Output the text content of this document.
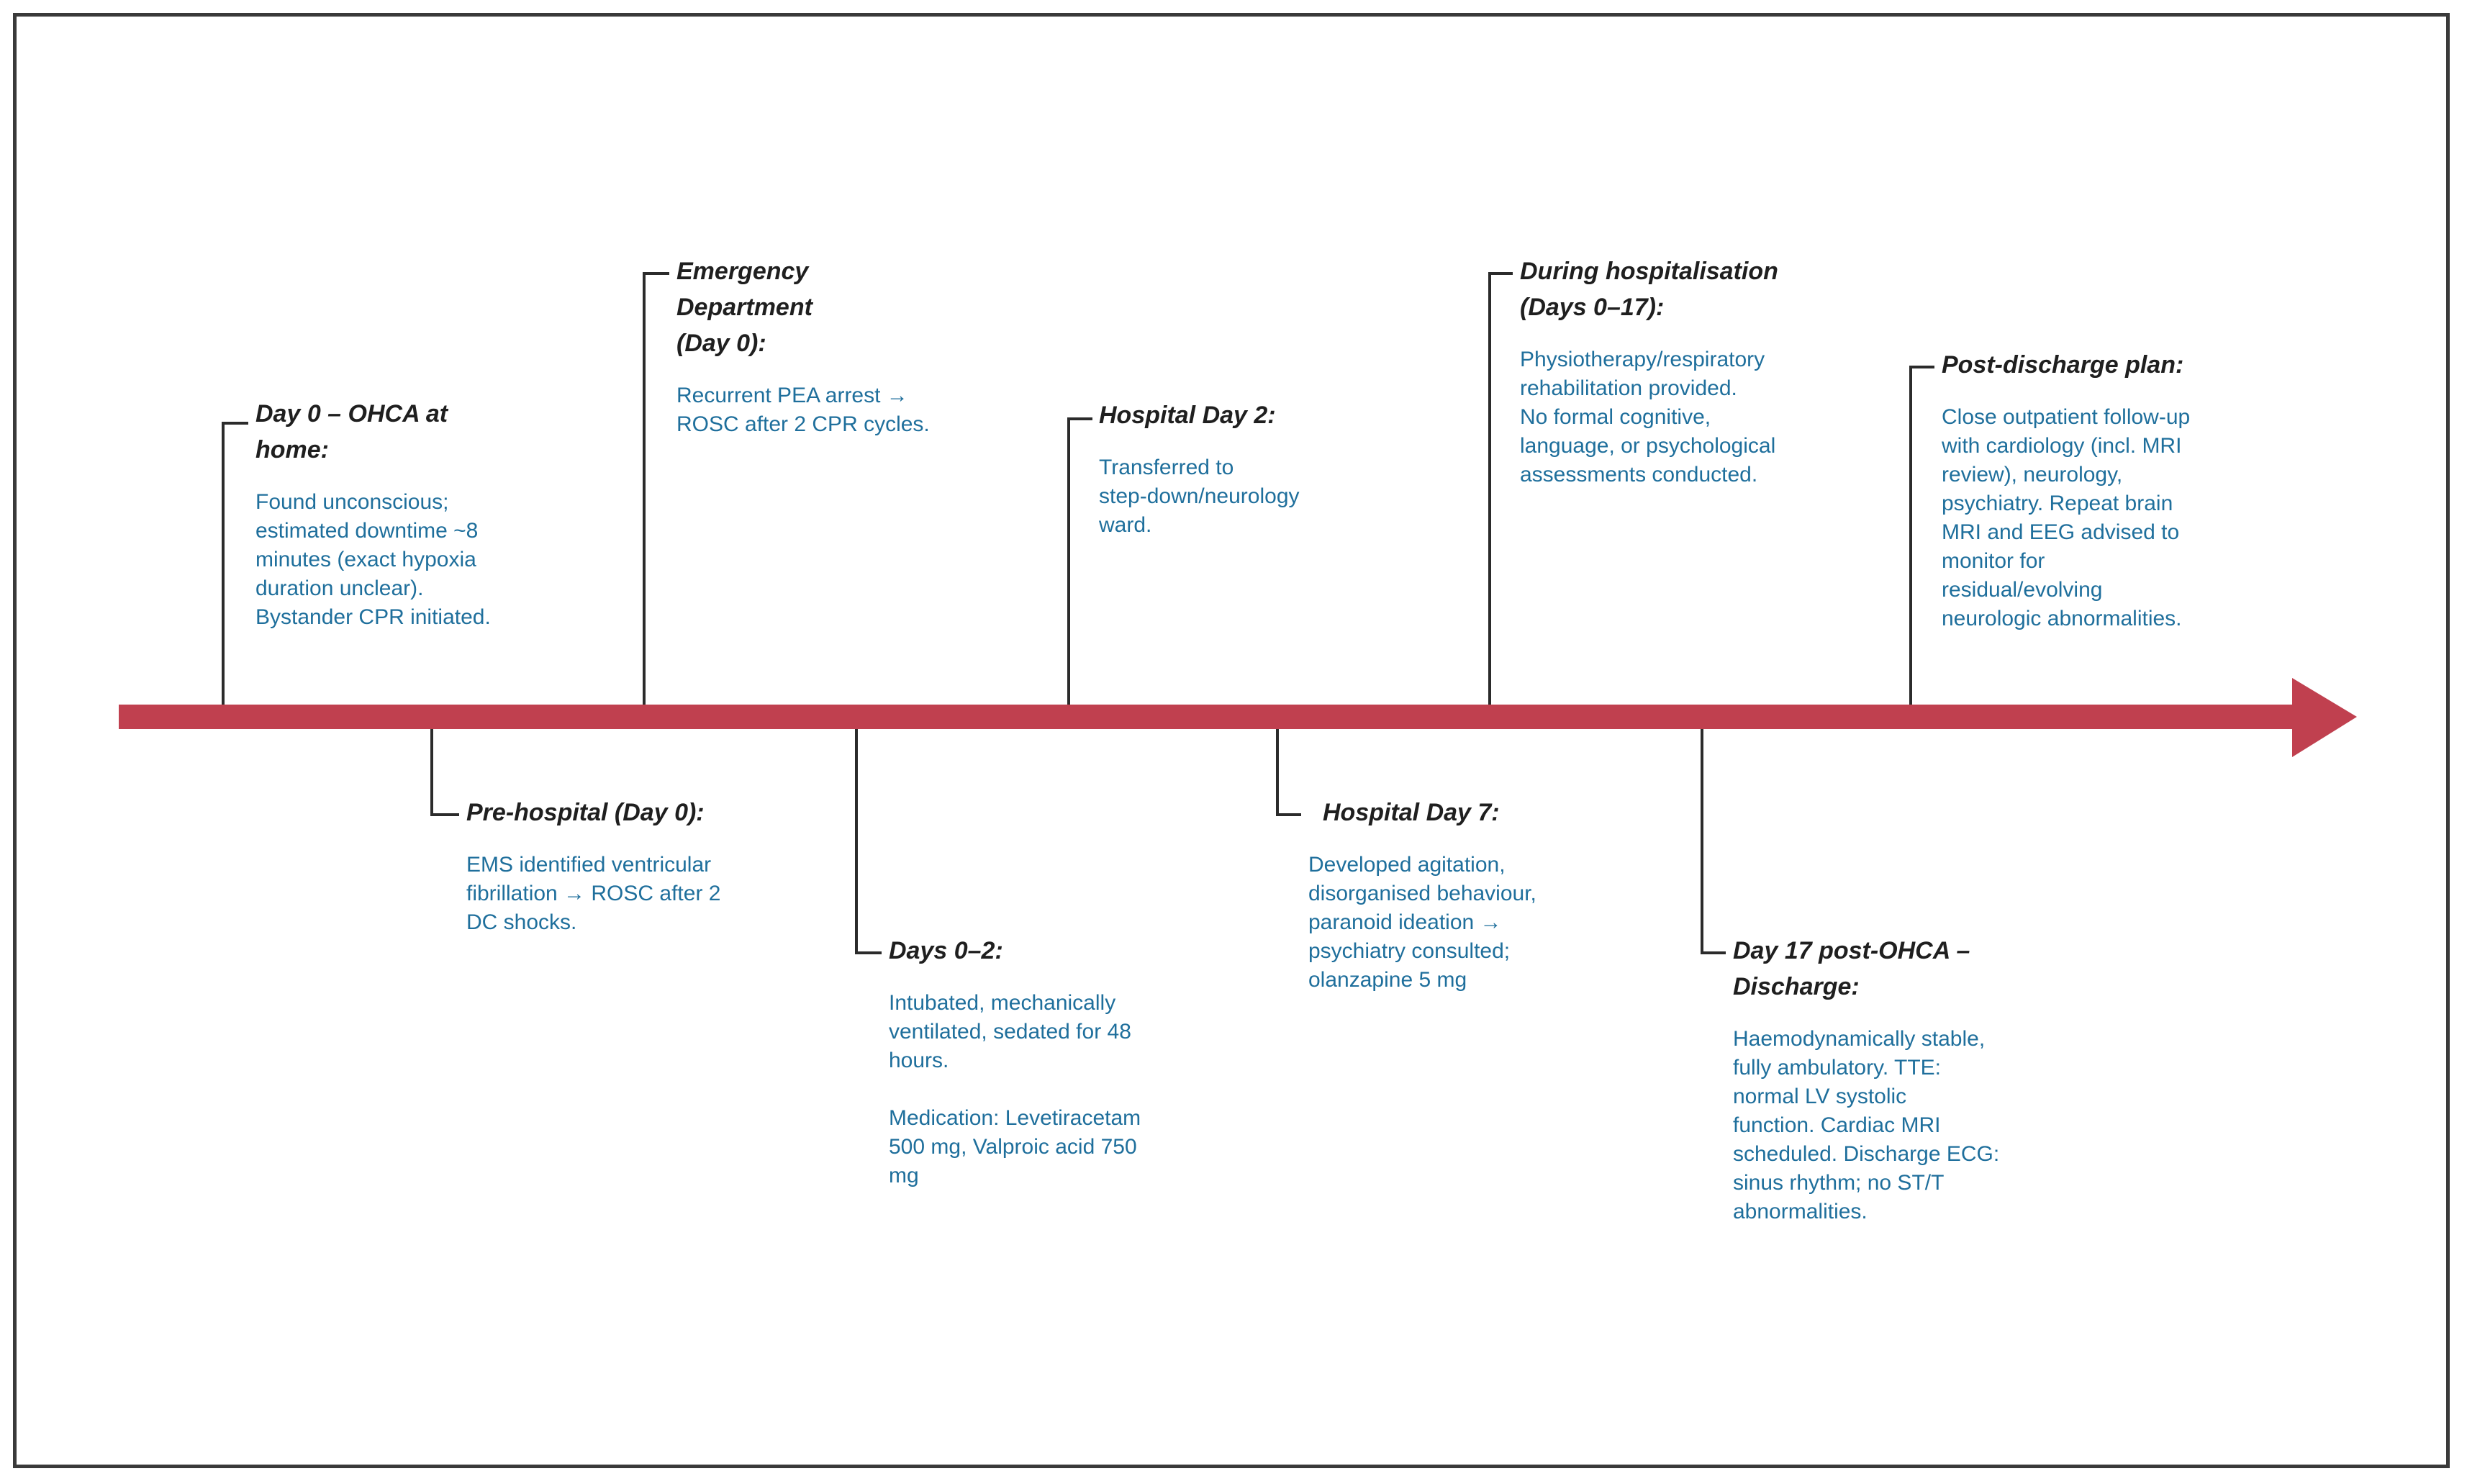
Day 0 – OHCA at
home:

Found unconscious;
estimated downtime ~8
minutes (exact hypoxia
duration unclear).
Bystander CPR initiated.

Pre-hospital (Day 0):

EMS identified ventricular
fibrillation → ROSC after 2
DC shocks.

Emergency
Department
(Day 0):

Recurrent PEA arrest →
ROSC after 2 CPR cycles.

Days 0–2:

Intubated, mechanically
ventilated, sedated for 48
hours.

Medication: Levetiracetam
500 mg, Valproic acid 750
mg

Hospital Day 2:

Transferred to
step-down/neurology
ward.

Hospital Day 7:

Developed agitation,
disorganised behaviour,
paranoid ideation →
psychiatry consulted;
olanzapine 5 mg

During hospitalisation
(Days 0–17):

Physiotherapy/respiratory
rehabilitation provided.
No formal cognitive,
language, or psychological
assessments conducted.

Day 17 post-OHCA –
Discharge:

Haemodynamically stable,
fully ambulatory. TTE:
normal LV systolic
function. Cardiac MRI
scheduled. Discharge ECG:
sinus rhythm; no ST/T
abnormalities.

Post-discharge plan:

Close outpatient follow-up
with cardiology (incl. MRI
review), neurology,
psychiatry. Repeat brain
MRI and EEG advised to
monitor for
residual/evolving
neurologic abnormalities.
